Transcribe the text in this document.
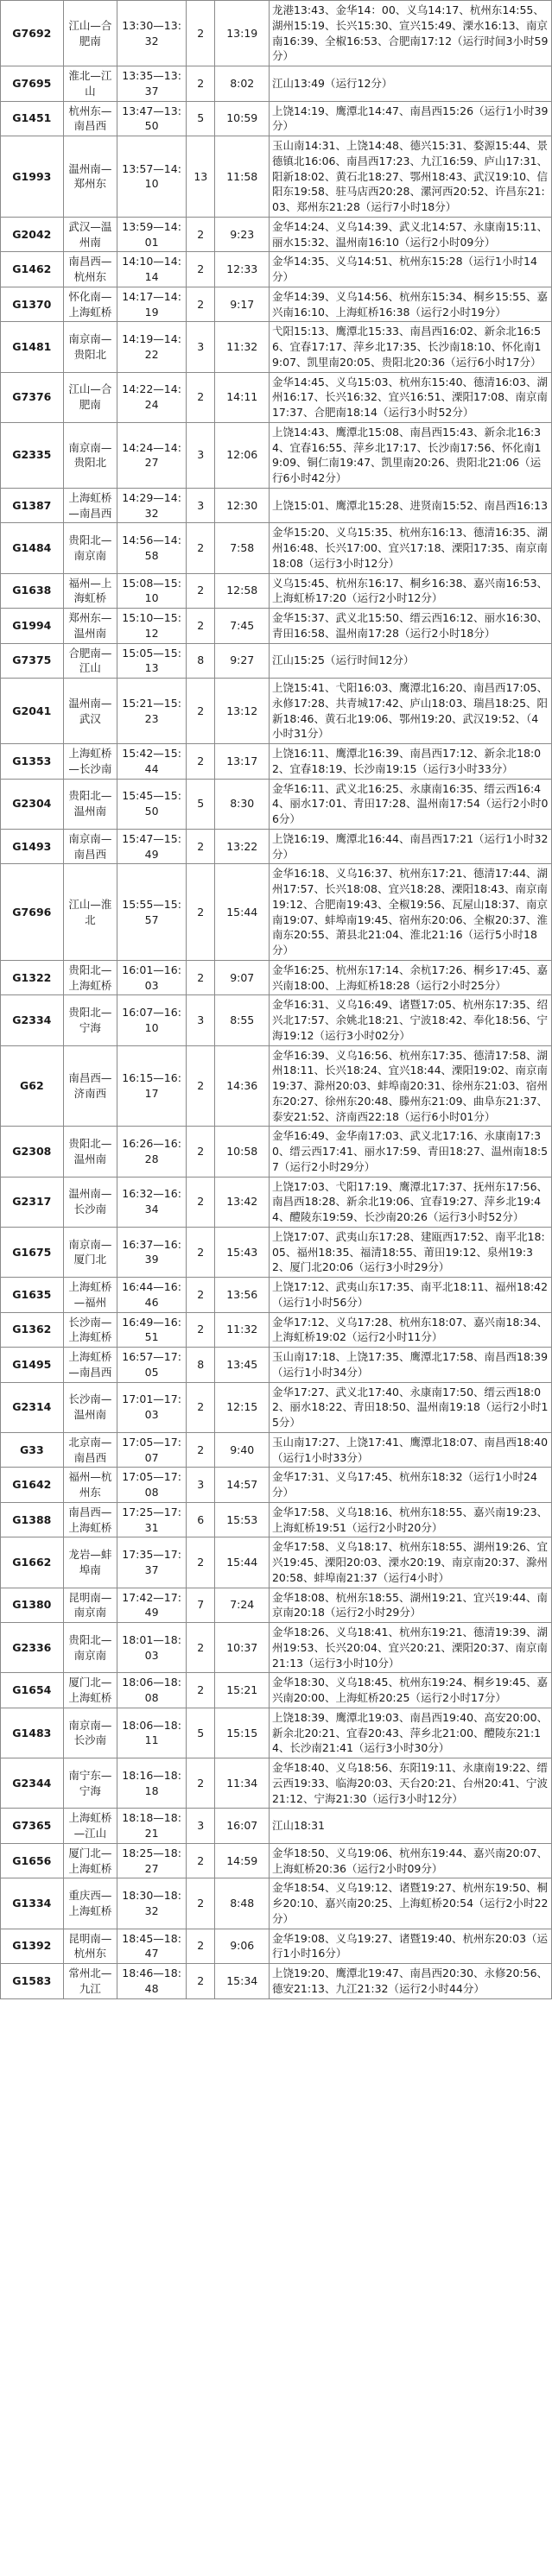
G7692	江山—合肥南	13:30—13:32	2	13:19	龙港13:43、金华14：00、义乌14:17、杭州东14:55、湖州15:19、长兴15:30、宣兴15:49、溧水16:13、南京南16:39、全椒16:53、合肥南17:12（运行时间3小时59分）
G7695	淮北—江山	13:35—13:37	2	8:02	江山13:49（运行12分）
G1451	杭州东—南昌西	13:47—13:50	5	10:59	上饶14:19、鹰潭北14:47、南昌西15:26（运行1小时39分）
G1993	温州南—郑州东	13:57—14:10	13	11:58	玉山南14:31、上饶14:48、德兴15:31、婺源15:44、景德镇北16:06、南昌西17:23、九江16:59、庐山17:31、阳新18:02、黄石北18:27、鄂州18:43、武汉19:10、信阳东19:58、驻马店西20:28、漯河西20:52、许昌东21:03、郑州东21:28（运行7小时18分）
G2042	武汉—温州南	13:59—14:01	2	9:23	金华14:24、义乌14:39、武义北14:57、永康南15:11、丽水15:32、温州南16:10（运行2小时09分）
G1462	南昌西—杭州东	14:10—14:14	2	12:33	金华14:35、义乌14:51、杭州东15:28（运行1小时14分）
G1370	怀化南—上海虹桥	14:17—14:19	2	9:17	金华14:39、义乌14:56、杭州东15:34、桐乡15:55、嘉兴南16:10、上海虹桥16:38（运行2小时19分）
G1481	南京南—贵阳北	14:19—14:22	3	11:32	弋阳15:13、鹰潭北15:33、南昌西16:02、新余北16:56、宜春17:17、萍乡北17:35、长沙南18:10、怀化南19:07、凯里南20:05、贵阳北20:36（运行6小时17分）
G7376	江山—合肥南	14:22—14:24	2	14:11	金华14:45、义乌15:03、杭州东15:40、德清16:03、湖州16:17、长兴16:32、宜兴16:51、溧阳17:08、南京南17:37、合肥南18:14（运行3小时52分）
G2335	南京南—贵阳北	14:24—14:27	3	12:06	上饶14:43、鹰潭北15:08、南昌西15:43、新余北16:34、宜春16:55、萍乡北17:17、长沙南17:56、怀化南19:09、铜仁南19:47、凯里南20:26、贵阳北21:06（运行6小时42分）
G1387	上海虹桥—南昌西	14:29—14:32	3	12:30	上饶15:01、鹰潭北15:28、进贤南15:52、南昌西16:13
G1484	贵阳北—南京南	14:56—14:58	2	7:58	金华15:20、义乌15:35、杭州东16:13、德清16:35、湖州16:48、长兴17:00、宜兴17:18、溧阳17:35、南京南18:08（运行3小时12分）
G1638	福州—上海虹桥	15:08—15:10	2	12:58	义乌15:45、杭州东16:17、桐乡16:38、嘉兴南16:53、上海虹桥17:20（运行2小时12分）
G1994	郑州东—温州南	15:10—15:12	2	7:45	金华15:37、武义北15:50、缙云西16:12、丽水16:30、青田16:58、温州南17:28（运行2小时18分）
G7375	合肥南—江山	15:05—15:13	8	9:27	江山15:25（运行时间12分）
G2041	温州南—武汉	15:21—15:23	2	13:12	上饶15:41、弋阳16:03、鹰潭北16:20、南昌西17:05、永修17:28、共青城17:42、庐山18:03、瑞昌18:25、阳新18:46、黄石北19:06、鄂州19:20、武汉19:52、（4小时31分）
G1353	上海虹桥—长沙南	15:42—15:44	2	13:17	上饶16:11、鹰潭北16:39、南昌西17:12、新余北18:02、宜春18:19、长沙南19:15（运行3小时33分）
G2304	贵阳北—温州南	15:45—15:50	5	8:30	金华16:11、武义北16:25、永康南16:35、缙云西16:44、丽水17:01、青田17:28、温州南17:54（运行2小时06分）
G1493	南京南—南昌西	15:47—15:49	2	13:22	上饶16:19、鹰潭北16:44、南昌西17:21（运行1小时32分）
G7696	江山—淮北	15:55—15:57	2	15:44	金华16:18、义乌16:37、杭州东17:21、德清17:44、湖州17:57、长兴18:08、宜兴18:28、溧阳18:43、南京南19:12、合肥南19:43、全椒19:56、瓦屋山18:37、南京南19:07、蚌埠南19:45、宿州东20:06、全椒20:37、淮南东20:55、萧县北21:04、淮北21:16（运行5小时18分）
G1322	贵阳北—上海虹桥	16:01—16:03	2	9:07	金华16:25、杭州东17:14、余杭17:26、桐乡17:45、嘉兴南18:00、上海虹桥18:28（运行2小时25分）
G2334	贵阳北—宁海	16:07—16:10	3	8:55	金华16:31、义乌16:49、诸暨17:05、杭州东17:35、绍兴北17:57、余姚北18:21、宁波18:42、奉化18:56、宁海19:12（运行3小时02分）
G62	南昌西—济南西	16:15—16:17	2	14:36	金华16:39、义乌16:56、杭州东17:35、德清17:58、湖州18:11、长兴18:24、宜兴18:44、溧阳19:02、南京南19:37、滁州20:03、蚌埠南20:31、徐州东21:03、宿州东20:27、徐州东20:48、滕州东21:09、曲阜东21:37、泰安21:52、济南西22:18（运行6小时01分）
G2308	贵阳北—温州南	16:26—16:28	2	10:58	金华16:49、金华南17:03、武义北17:16、永康南17:30、缙云西17:41、丽水17:59、青田18:27、温州南18:57（运行2小时29分）
G2317	温州南—长沙南	16:32—16:34	2	13:42	上饶17:03、弋阳17:19、鹰潭北17:37、抚州东17:56、南昌西18:28、新余北19:06、宜春19:27、萍乡北19:44、醴陵东19:59、长沙南20:26（运行3小时52分）
G1675	南京南—厦门北	16:37—16:39	2	15:43	上饶17:07、武夷山东17:28、建瓯西17:52、南平北18:05、福州18:35、福清18:55、莆田19:12、泉州19:32、厦门北20:06（运行3小时29分）
G1635	上海虹桥—福州	16:44—16:46	2	13:56	上饶17:12、武夷山东17:35、南平北18:11、福州18:42（运行1小时56分）
G1362	长沙南—上海虹桥	16:49—16:51	2	11:32	金华17:12、义乌17:28、杭州东18:07、嘉兴南18:34、上海虹桥19:02（运行2小时11分）
G1495	上海虹桥—南昌西	16:57—17:05	8	13:45	玉山南17:18、上饶17:35、鹰潭北17:58、南昌西18:39（运行1小时34分）
G2314	长沙南—温州南	17:01—17:03	2	12:15	金华17:27、武义北17:40、永康南17:50、缙云西18:02、丽水18:22、青田18:50、温州南19:18（运行2小时15分）
G33	北京南—南昌西	17:05—17:07	2	9:40	玉山南17:27、上饶17:41、鹰潭北18:07、南昌西18:40（运行1小时33分）
G1642	福州—杭州东	17:05—17:08	3	14:57	金华17:31、义乌17:45、杭州东18:32（运行1小时24分）
G1388	南昌西—上海虹桥	17:25—17:31	6	15:53	金华17:58、义乌18:16、杭州东18:55、嘉兴南19:23、上海虹桥19:51（运行2小时20分）
G1662	龙岩—蚌埠南	17:35—17:37	2	15:44	金华17:58、义乌18:17、杭州东18:55、湖州19:26、宜兴19:45、溧阳20:03、溧水20:19、南京南20:37、滁州20:58、蚌埠南21:37（运行4小时）
G1380	昆明南—南京南	17:42—17:49	7	7:24	金华18:08、杭州东18:55、湖州19:21、宜兴19:44、南京南20:18（运行2小时29分）
G2336	贵阳北—南京南	18:01—18:03	2	10:37	金华18:26、义乌18:41、杭州东19:21、德清19:39、湖州19:53、长兴20:04、宜兴20:21、溧阳20:37、南京南21:13（运行3小时10分）
G1654	厦门北—上海虹桥	18:06—18:08	2	15:21	金华18:30、义乌18:45、杭州东19:24、桐乡19:45、嘉兴南20:00、上海虹桥20:25（运行2小时17分）
G1483	南京南—长沙南	18:06—18:11	5	15:15	上饶18:39、鹰潭北19:03、南昌西19:40、高安20:00、新余北20:21、宜春20:43、萍乡北21:00、醴陵东21:14、长沙南21:41（运行3小时30分）
G2344	南宁东—宁海	18:16—18:18	2	11:34	金华18:40、义乌18:56、东阳19:11、永康南19:22、缙云西19:33、临海20:03、天台20:21、台州20:41、宁波21:12、宁海21:30（运行3小时12分）
G7365	上海虹桥—江山	18:18—18:21	3	16:07	江山18:31
G1656	厦门北—上海虹桥	18:25—18:27	2	14:59	金华18:50、义乌19:06、杭州东19:44、嘉兴南20:07、上海虹桥20:36（运行2小时09分）
G1334	重庆西—上海虹桥	18:30—18:32	2	8:48	金华18:54、义乌19:12、诸暨19:27、杭州东19:50、桐乡20:10、嘉兴南20:25、上海虹桥20:54（运行2小时22分）
G1392	昆明南—杭州东	18:45—18:47	2	9:06	金华19:08、义乌19:27、诸暨19:40、杭州东20:03（运行1小时16分）
G1583	常州北—九江	18:46—18:48	2	15:34	上饶19:20、鹰潭北19:47、南昌西20:30、永修20:56、德安21:13、九江21:32（运行2小时44分）
